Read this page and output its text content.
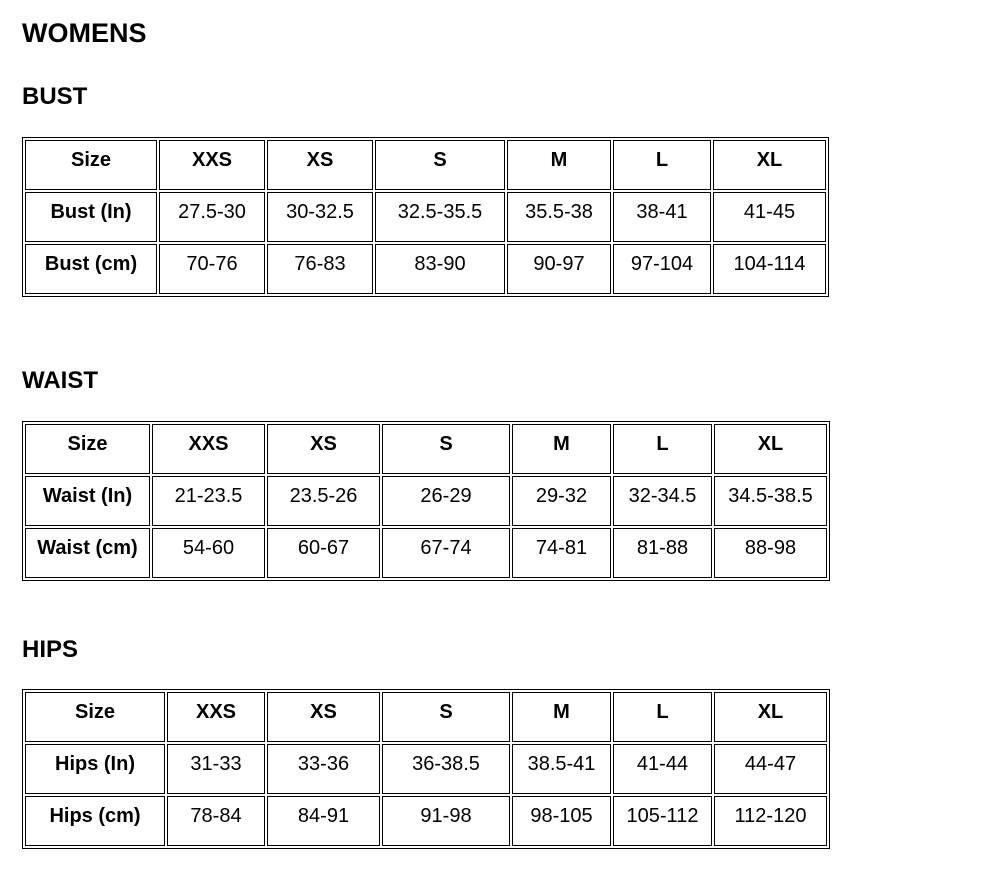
WOMENS
BUST
Size	XXS	XS	S	M	L	XL
Bust (In)	27.5-30	30-32.5	32.5-35.5	35.5-38	38-41	41-45
Bust (cm)	70-76	76-83	83-90	90-97	97-104	104-114
WAIST
Size	XXS	XS	S	M	L	XL
Waist (In)	21-23.5	23.5-26	26-29	29-32	32-34.5	34.5-38.5
Waist (cm)	54-60	60-67	67-74	74-81	81-88	88-98
HIPS
Size	XXS	XS	S	M	L	XL
Hips (In)	31-33	33-36	36-38.5	38.5-41	41-44	44-47
Hips (cm)	78-84	84-91	91-98	98-105	105-112	112-120
